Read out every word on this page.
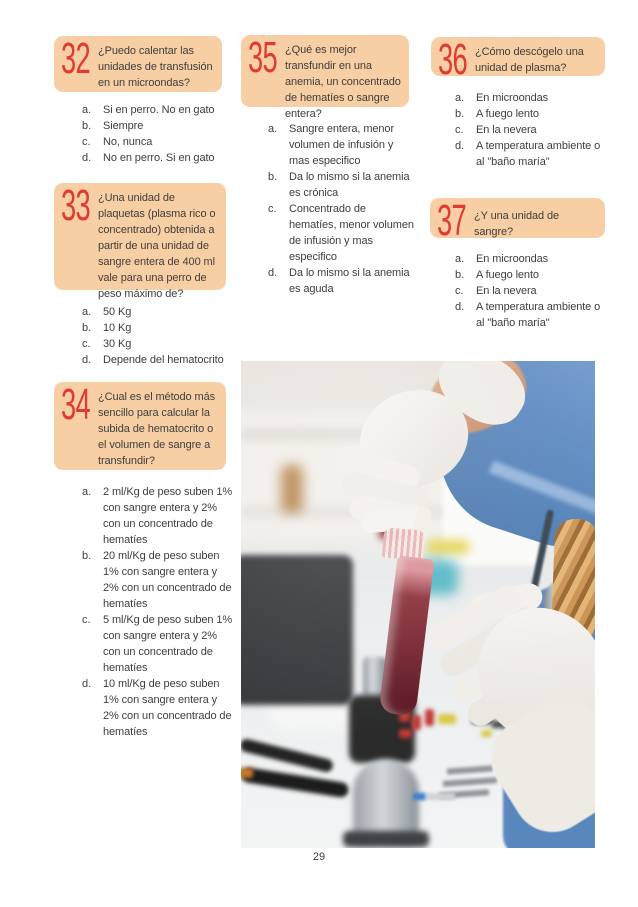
32 ¿Puedo calentar las unidades de transfusión en un microondas?
a.	Si en perro. No en gato
b.	Siempre
c.	No, nunca
d.	No en perro. Si en gato
33 ¿Una unidad de plaquetas (plasma rico o concentrado) obtenida a partir de una unidad de sangre entera de 400 ml vale para una perro de peso máximo de?
a.	50 Kg
b.	10 Kg
c.	30 Kg
d.	Depende del hematocrito
34 ¿Cual es el método más sencillo para calcular la subida de hematocrito o el volumen de sangre a transfundir?
a.	2 ml/Kg de peso suben 1% con sangre entera y 2% con un concentrado de hematíes
b.	20 ml/Kg de peso suben 1% con sangre entera y 2% con un concentrado de hematíes
c.	5 ml/Kg de peso suben 1% con sangre entera y 2% con un concentrado de hematíes
d.	10 ml/Kg de peso suben 1% con sangre entera y 2% con un concentrado de hematíes
35 ¿Qué es mejor transfundir en una anemia, un concentrado de hematíes o sangre entera?
a.	Sangre entera, menor volumen de infusión y mas especifico
b.	Da lo mismo si la anemia es crónica
c.	Concentrado de hematíes, menor volumen de infusión y mas especifico
d.	Da lo mismo si la anemia es aguda
36 ¿Cómo descógelo una unidad de plasma?
a.	En microondas
b.	A fuego lento
c.	En la nevera
d.	A temperatura ambiente o al "baño maría"
37 ¿Y una unidad de sangre?
a.	En microondas
b.	A fuego lento
c.	En la nevera
d.	A temperatura ambiente o al "baño maría"
29
